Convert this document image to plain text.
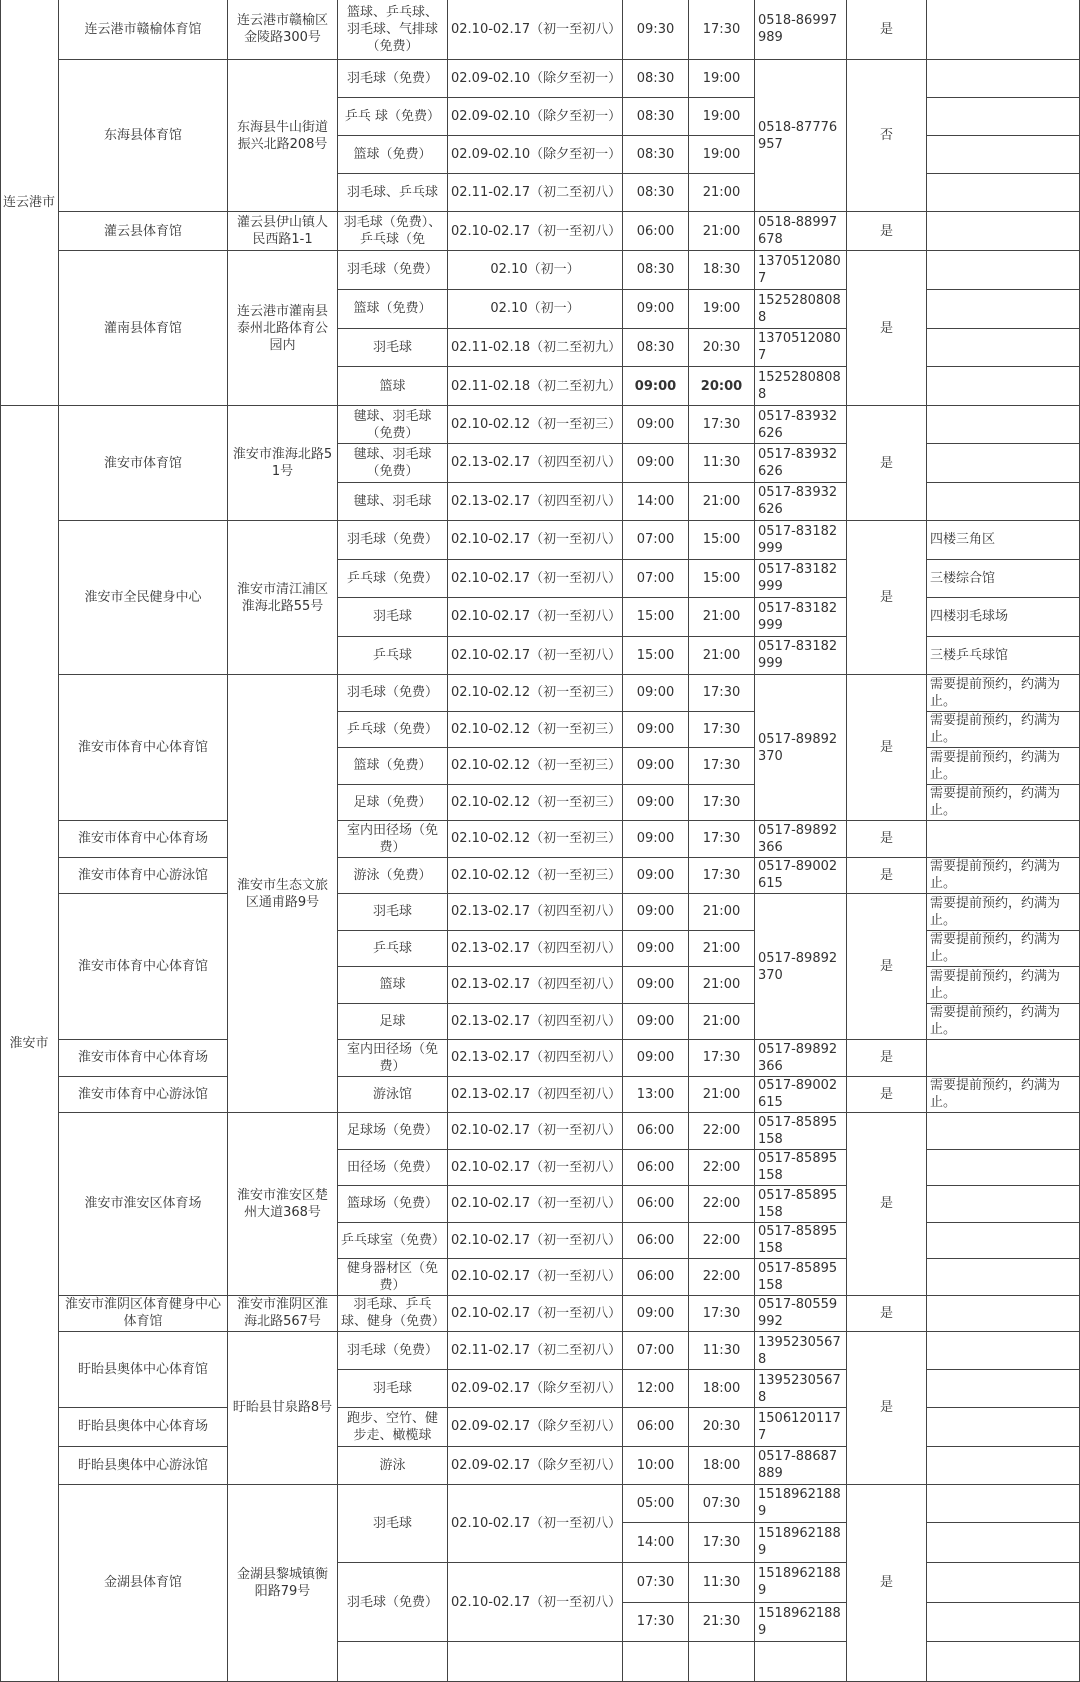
连云港市赣榆体育馆
东海县体育馆
灌云县体育馆
灌南县体育馆
淮安市体育馆
淮安市全民健身中心
淮安市体育中心体育馆
淮安市体育中心体育场
淮安市体育中心游泳馆
淮安市体育中心体育馆
淮安市体育中心体育场
淮安市体育中心游泳馆
淮安市淮安区体育场
淮安市淮阴区体育健身中心体育馆
盱眙县奥体中心体育馆
盱眙县奥体中心体育场
盱眙县奥体中心游泳馆
金湖县体育馆
连云港市赣榆区金陵路300号
东海县牛山街道振兴北路208号
灌云县伊山镇人民西路1-1
连云港市灌南县泰州北路体育公园内
淮安市淮海北路51号
淮安市清江浦区淮海北路55号
淮安市生态文旅区通甫路9号
淮安市淮安区楚州大道368号
淮安市淮阴区淮海北路567号
盱眙县甘泉路8号
金湖县黎城镇衡阳路79号
篮球、乒乓球、羽毛球、气排球（免费）
羽毛球（免费）
乒乓 球（免费）
篮球（免费）
羽毛球、乒乓球
羽毛球（免费）、乒乓球（免
羽毛球（免费）
篮球（免费）
羽毛球
篮球
毽球、羽毛球（免费）
毽球、羽毛球（免费）
毽球、羽毛球
羽毛球（免费）
乒乓球（免费）
羽毛球
乒乓球
羽毛球（免费）
乒乓球（免费）
篮球（免费）
足球（免费）
室内田径场（免费）
游泳（免费）
羽毛球
乒乓球
篮球
足球
室内田径场（免费）
游泳馆
足球场（免费）
田径场（免费）
篮球场（免费）
乒乓球室（免费）
健身器材区（免费）
羽毛球、乒乓球、健身（免费）
羽毛球（免费）
羽毛球
跑步、空竹、健步走、橄榄球
游泳
羽毛球
羽毛球（免费）
02.10-02.17（初一至初八）
02.09-02.10（除夕至初一）
02.09-02.10（除夕至初一）
02.09-02.10（除夕至初一）
02.11-02.17（初二至初八）
02.10-02.17（初一至初八）
02.10（初一）
02.10（初一）
02.11-02.18（初二至初九）
02.11-02.18（初二至初九）
02.10-02.12（初一至初三）
02.13-02.17（初四至初八）
02.13-02.17（初四至初八）
02.10-02.17（初一至初八）
02.10-02.17（初一至初八）
02.10-02.17（初一至初八）
02.10-02.17（初一至初八）
02.10-02.12（初一至初三）
02.10-02.12（初一至初三）
02.10-02.12（初一至初三）
02.10-02.12（初一至初三）
02.10-02.12（初一至初三）
02.10-02.12（初一至初三）
02.13-02.17（初四至初八）
02.13-02.17（初四至初八）
02.13-02.17（初四至初八）
02.13-02.17（初四至初八）
02.13-02.17（初四至初八）
02.13-02.17（初四至初八）
02.10-02.17（初一至初八）
02.10-02.17（初一至初八）
02.10-02.17（初一至初八）
02.10-02.17（初一至初八）
02.10-02.17（初一至初八）
02.10-02.17（初一至初八）
02.11-02.17（初二至初八）
02.09-02.17（除夕至初八）
02.09-02.17（除夕至初八）
02.09-02.17（除夕至初八）
02.10-02.17（初一至初八）
02.10-02.17（初一至初八）
0518-86997989
0518-87776957
0518-88997678
13705120807
15252808088
13705120807
15252808088
0517-83932626
0517-83932626
0517-83932626
0517-83182999
0517-83182999
0517-83182999
0517-83182999
0517-89892370
0517-89892366
0517-89002615
0517-89892370
0517-89892366
0517-89002615
0517-85895158
0517-85895158
0517-85895158
0517-85895158
0517-85895158
0517-80559992
13952305678
13952305678
15061201177
0517-88687889
15189621889
15189621889
15189621889
15189621889
是
否
是
是
是
是
是
是
是
是
是
是
是
是
是
是
09:30
08:30
08:30
08:30
08:30
06:00
08:30
09:00
08:30
09:00
09:00
09:00
14:00
07:00
07:00
15:00
15:00
09:00
09:00
09:00
09:00
09:00
09:00
09:00
09:00
09:00
09:00
09:00
13:00
06:00
06:00
06:00
06:00
06:00
09:00
07:00
12:00
06:00
10:00
05:00
14:00
07:30
17:30
17:30
19:00
19:00
19:00
21:00
21:00
18:30
19:00
20:30
20:00
17:30
11:30
21:00
15:00
15:00
21:00
21:00
17:30
17:30
17:30
17:30
17:30
17:30
21:00
21:00
21:00
21:00
17:30
21:00
22:00
22:00
22:00
22:00
22:00
17:30
11:30
18:00
20:30
18:00
07:30
17:30
11:30
21:30
四楼三角区
三楼综合馆
四楼羽毛球场
三楼乒乓球馆
需要提前预约，约满为止。
需要提前预约，约满为止。
需要提前预约，约满为止。
需要提前预约，约满为止。
需要提前预约，约满为止。
需要提前预约，约满为止。
需要提前预约，约满为止。
需要提前预约，约满为止。
需要提前预约，约满为止。
需要提前预约，约满为止。
连云港市
淮安市
